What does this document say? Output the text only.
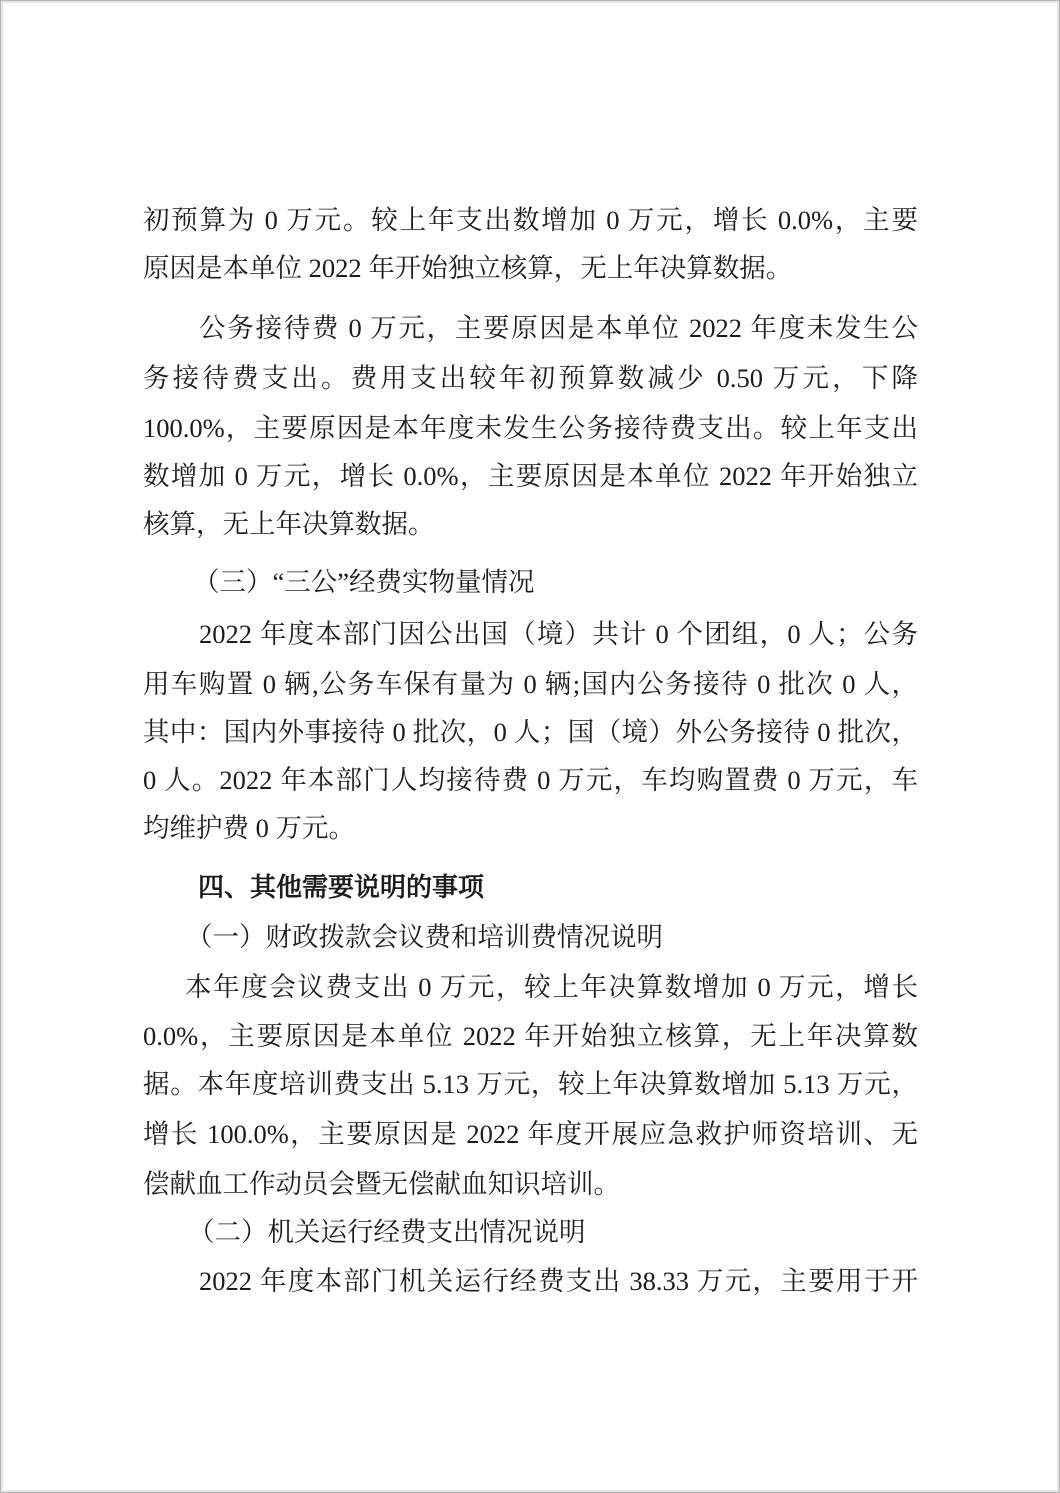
初预算为 0 万元。较上年支出数增加 0 万元，增长 0.0%，主要
原因是本单位 2022 年开始独立核算，无上年决算数据。
公务接待费 0 万元，主要原因是本单位 2022 年度未发生公
务接待费支出。费用支出较年初预算数减少 0.50 万元，下降
100.0%，主要原因是本年度未发生公务接待费支出。较上年支出
数增加 0 万元，增长 0.0%，主要原因是本单位 2022 年开始独立
核算，无上年决算数据。
（三）“三公”经费实物量情况
2022 年度本部门因公出国（境）共计 0 个团组，0 人；公务
用车购置 0 辆,公务车保有量为 0 辆;国内公务接待 0 批次 0 人，
其中：国内外事接待 0 批次，0 人；国（境）外公务接待 0 批次，
0 人。2022 年本部门人均接待费 0 万元，车均购置费 0 万元，车
均维护费 0 万元。
四、其他需要说明的事项
（一）财政拨款会议费和培训费情况说明
本年度会议费支出 0 万元，较上年决算数增加 0 万元，增长
0.0%，主要原因是本单位 2022 年开始独立核算，无上年决算数
据。本年度培训费支出 5.13 万元，较上年决算数增加 5.13 万元，
增长 100.0%，主要原因是 2022 年度开展应急救护师资培训、无
偿献血工作动员会暨无偿献血知识培训。
（二）机关运行经费支出情况说明
2022 年度本部门机关运行经费支出 38.33 万元，主要用于开
